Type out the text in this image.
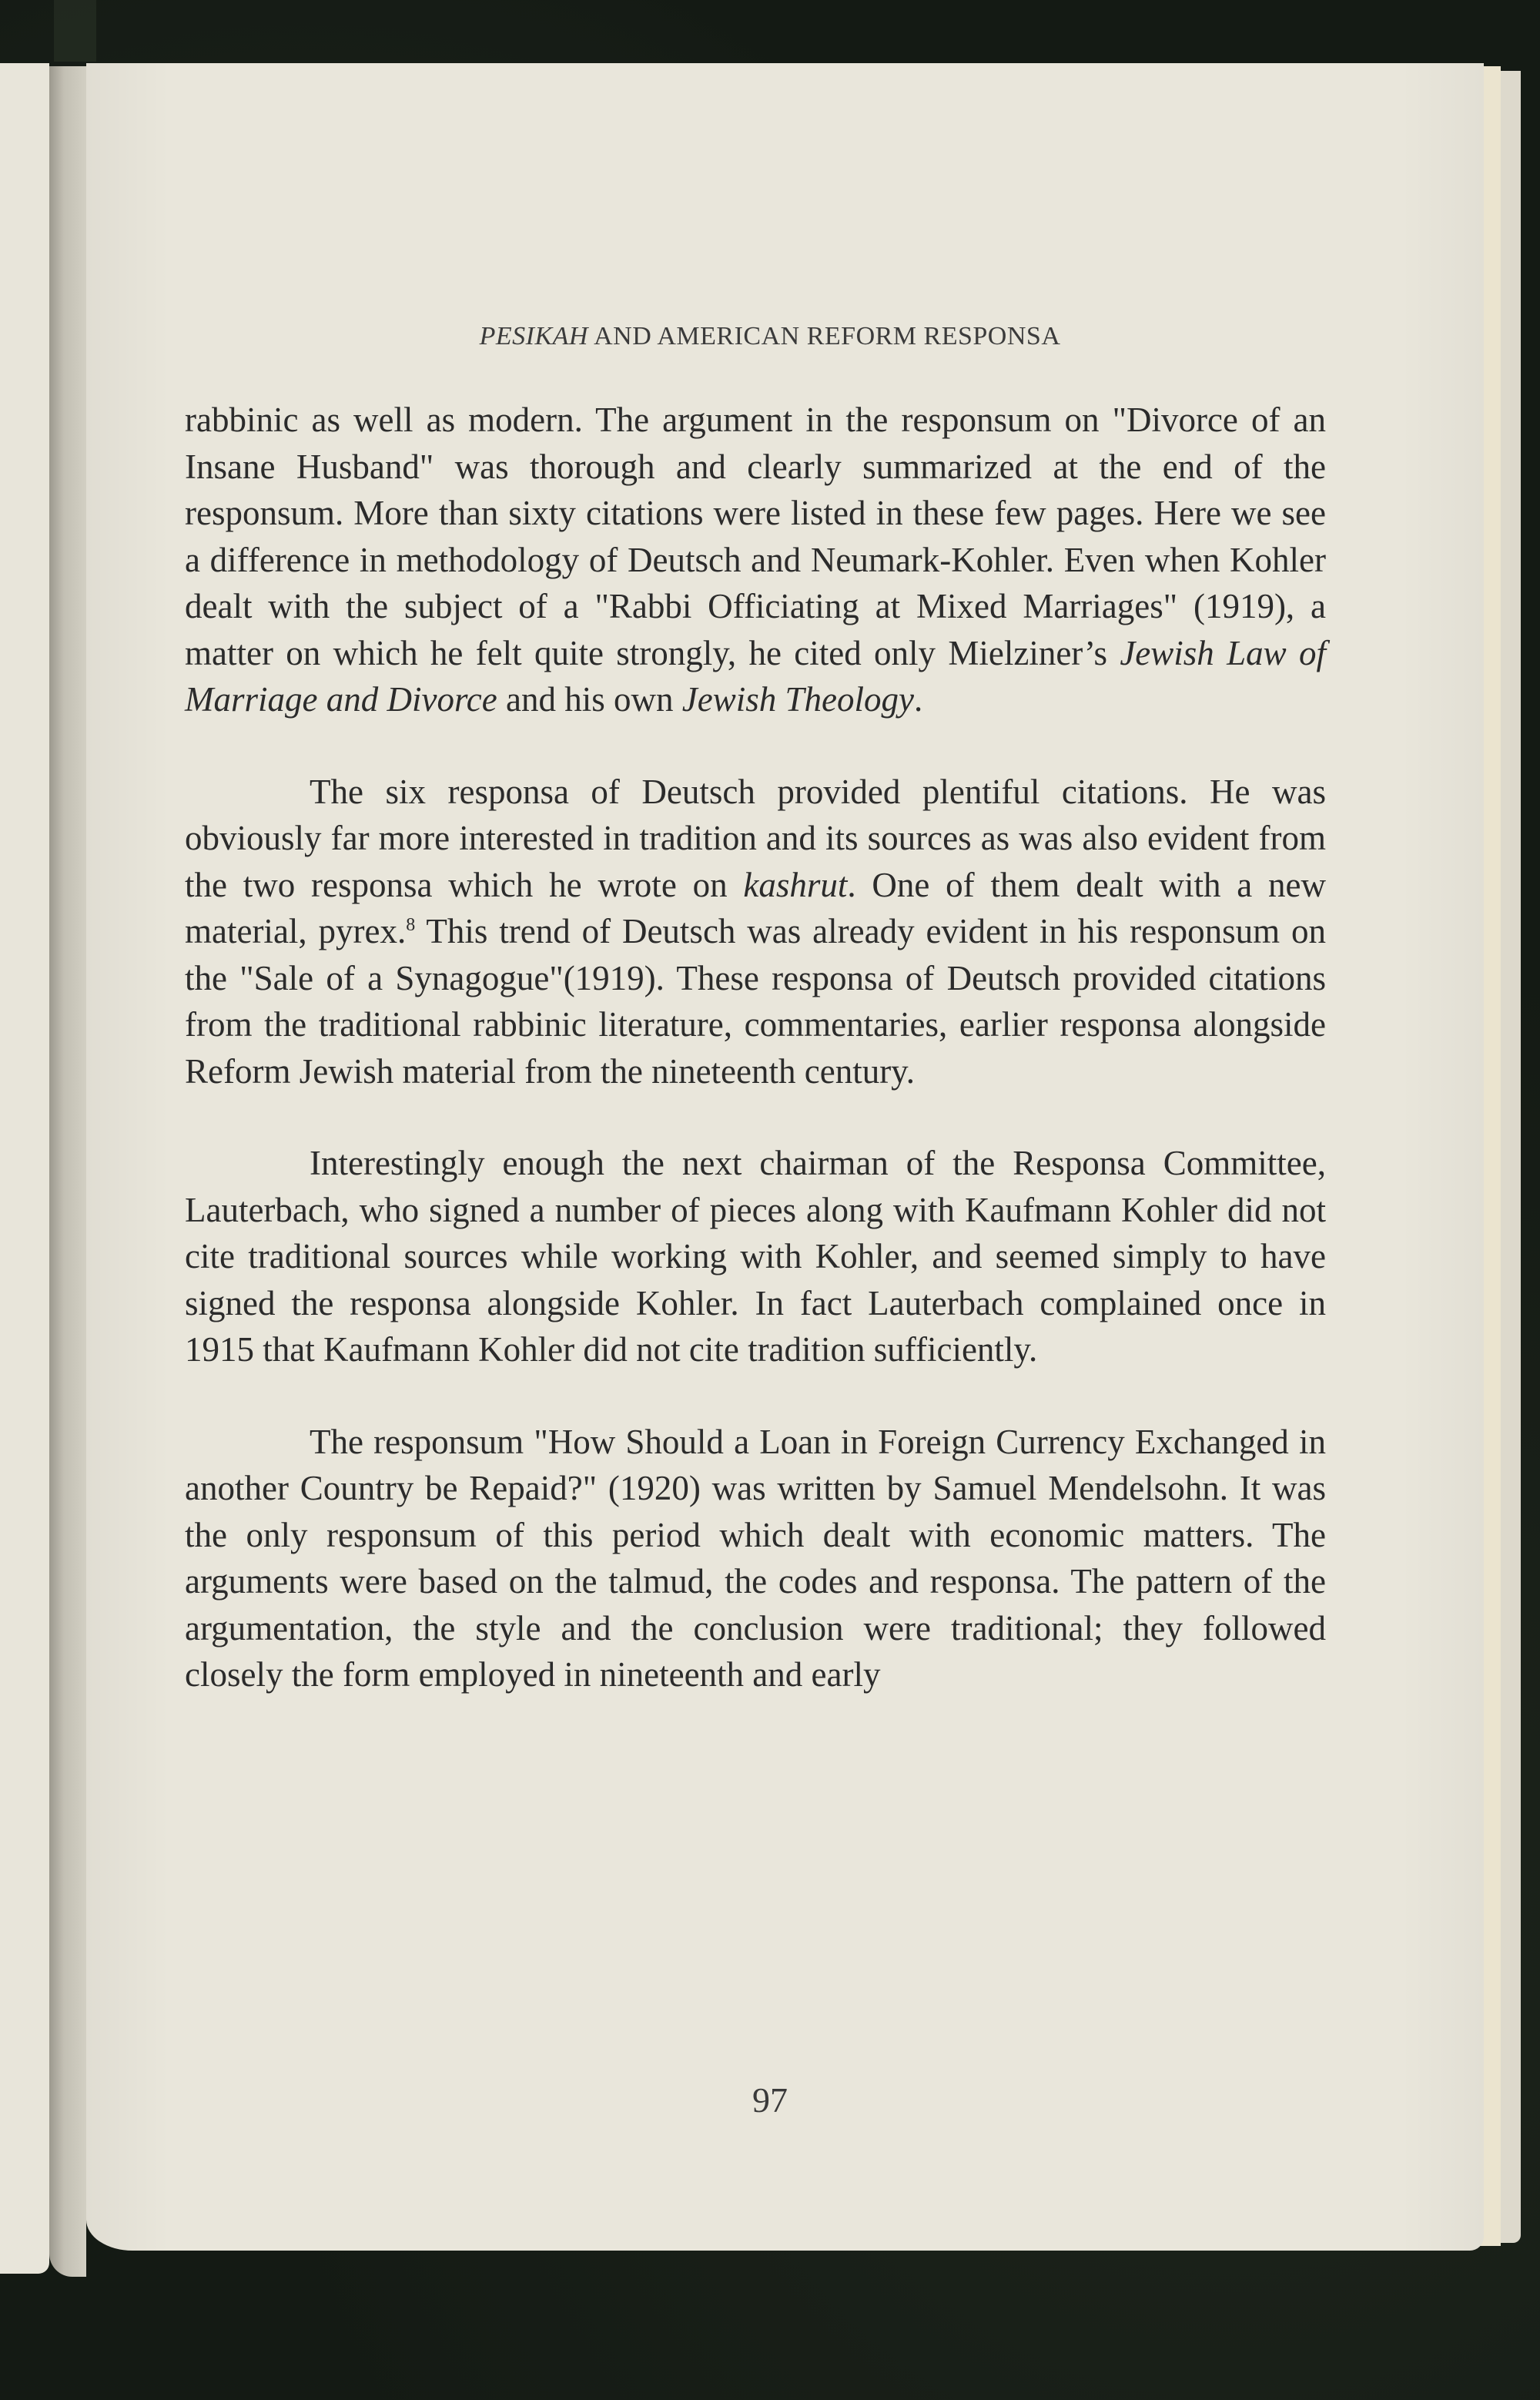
PESIKAH AND AMERICAN REFORM RESPONSA

rabbinic as well as modern. The argument in the responsum on "Divorce of an Insane Husband" was thorough and clearly summarized at the end of the responsum. More than sixty citations were listed in these few pages. Here we see a difference in methodology of Deutsch and Neumark-Kohler. Even when Kohler dealt with the subject of a "Rabbi Officiating at Mixed Marriages" (1919), a matter on which he felt quite strongly, he cited only Mielziner’s Jewish Law of Marriage and Divorce and his own Jewish Theology.

The six responsa of Deutsch provided plentiful citations. He was obviously far more interested in tradition and its sources as was also evident from the two responsa which he wrote on kashrut. One of them dealt with a new material, pyrex.$^8$ This trend of Deutsch was already evident in his responsum on the "Sale of a Synagogue"(1919). These responsa of Deutsch provided citations from the traditional rabbinic literature, commentaries, earlier responsa alongside Reform Jewish material from the nineteenth century.

Interestingly enough the next chairman of the Responsa Committee, Lauterbach, who signed a number of pieces along with Kaufmann Kohler did not cite traditional sources while working with Kohler, and seemed simply to have signed the responsa alongside Kohler. In fact Lauterbach complained once in 1915 that Kaufmann Kohler did not cite tradition sufficiently.

The responsum "How Should a Loan in Foreign Currency Exchanged in another Country be Repaid?" (1920) was written by Samuel Mendelsohn. It was the only responsum of this period which dealt with economic matters. The arguments were based on the talmud, the codes and responsa. The pattern of the argumentation, the style and the conclusion were traditional; they followed closely the form employed in nineteenth and early

97
